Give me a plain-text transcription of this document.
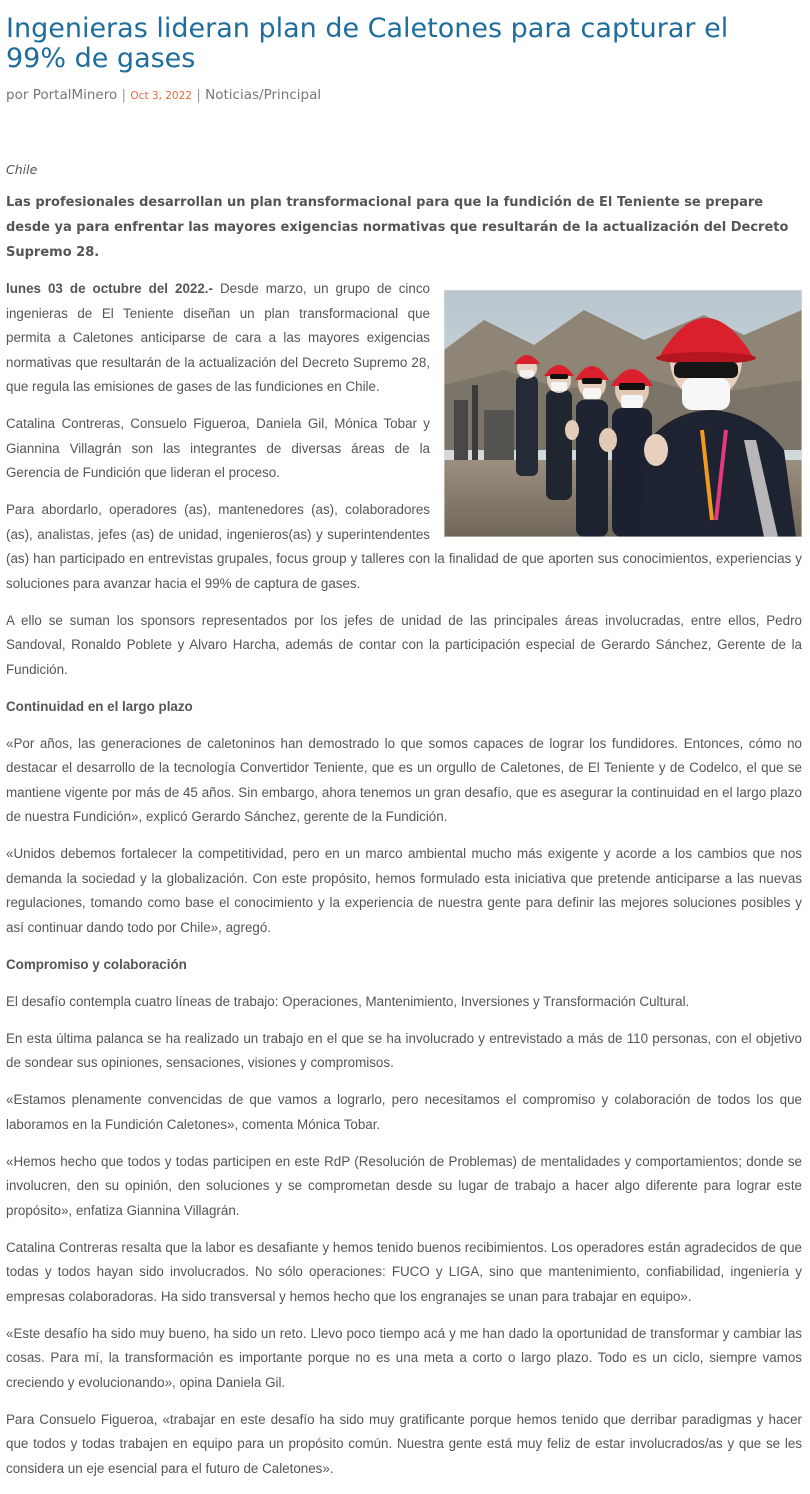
Ingenieras lideran plan de Caletones para capturar el 99% de gases
por PortalMinero | Oct 3, 2022 | Noticias/Principal

Chile

Las profesionales desarrollan un plan transformacional para que la fundición de El Teniente se prepare desde ya para enfrentar las mayores exigencias normativas que resultarán de la actualización del Decreto Supremo 28.

lunes 03 de octubre del 2022.- Desde marzo, un grupo de cinco ingenieras de El Teniente diseñan un plan transformacional que permita a Caletones anticiparse de cara a las mayores exigencias normativas que resultarán de la actualización del Decreto Supremo 28, que regula las emisiones de gases de las fundiciones en Chile.

Catalina Contreras, Consuelo Figueroa, Daniela Gil, Mónica Tobar y Giannina Villagrán son las integrantes de diversas áreas de la Gerencia de Fundición que lideran el proceso.

Para abordarlo, operadores (as), mantenedores (as), colaboradores (as), analistas, jefes (as) de unidad, ingenieros(as) y superintendentes (as) han participado en entrevistas grupales, focus group y talleres con la finalidad de que aporten sus conocimientos, experiencias y soluciones para avanzar hacia el 99% de captura de gases.

A ello se suman los sponsors representados por los jefes de unidad de las principales áreas involucradas, entre ellos, Pedro Sandoval, Ronaldo Poblete y Alvaro Harcha, además de contar con la participación especial de Gerardo Sánchez, Gerente de la Fundición.

Continuidad en el largo plazo

«Por años, las generaciones de caletoninos han demostrado lo que somos capaces de lograr los fundidores. Entonces, cómo no destacar el desarrollo de la tecnología Convertidor Teniente, que es un orgullo de Caletones, de El Teniente y de Codelco, el que se mantiene vigente por más de 45 años. Sin embargo, ahora tenemos un gran desafío, que es asegurar la continuidad en el largo plazo de nuestra Fundición», explicó Gerardo Sánchez, gerente de la Fundición.

«Unidos debemos fortalecer la competitividad, pero en un marco ambiental mucho más exigente y acorde a los cambios que nos demanda la sociedad y la globalización. Con este propósito, hemos formulado esta iniciativa que pretende anticiparse a las nuevas regulaciones, tomando como base el conocimiento y la experiencia de nuestra gente para definir las mejores soluciones posibles y así continuar dando todo por Chile», agregó.

Compromiso y colaboración

El desafío contempla cuatro líneas de trabajo: Operaciones, Mantenimiento, Inversiones y Transformación Cultural.

En esta última palanca se ha realizado un trabajo en el que se ha involucrado y entrevistado a más de 110 personas, con el objetivo de sondear sus opiniones, sensaciones, visiones y compromisos.

«Estamos plenamente convencidas de que vamos a lograrlo, pero necesitamos el compromiso y colaboración de todos los que laboramos en la Fundición Caletones», comenta Mónica Tobar.

«Hemos hecho que todos y todas participen en este RdP (Resolución de Problemas) de mentalidades y comportamientos; donde se involucren, den su opinión, den soluciones y se comprometan desde su lugar de trabajo a hacer algo diferente para lograr este propósito», enfatiza Giannina Villagrán.

Catalina Contreras resalta que la labor es desafiante y hemos tenido buenos recibimientos. Los operadores están agradecidos de que todas y todos hayan sido involucrados. No sólo operaciones: FUCO y LIGA, sino que mantenimiento, confiabilidad, ingeniería y empresas colaboradoras. Ha sido transversal y hemos hecho que los engranajes se unan para trabajar en equipo».

«Este desafío ha sido muy bueno, ha sido un reto. Llevo poco tiempo acá y me han dado la oportunidad de transformar y cambiar las cosas. Para mí, la transformación es importante porque no es una meta a corto o largo plazo. Todo es un ciclo, siempre vamos creciendo y evolucionando», opina Daniela Gil.

Para Consuelo Figueroa, «trabajar en este desafío ha sido muy gratificante porque hemos tenido que derribar paradigmas y hacer que todos y todas trabajen en equipo para un propósito común. Nuestra gente está muy feliz de estar involucrados/as y que se les considera un eje esencial para el futuro de Caletones».
